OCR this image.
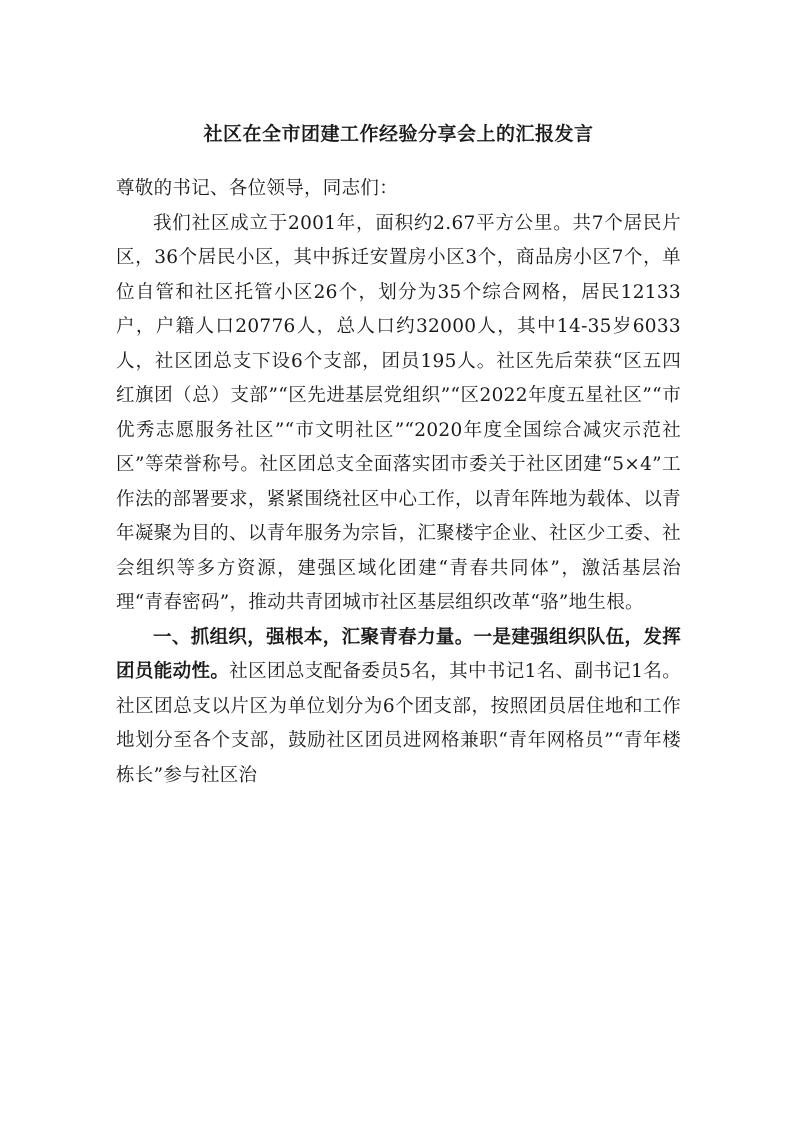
社区在全市团建工作经验分享会上的汇报发言

尊敬的书记、各位领导，同志们：

我们社区成立于2001年，面积约2.67平方公里。共7个居民片区，36个居民小区，其中拆迁安置房小区3个，商品房小区7个，单位自管和社区托管小区26个，划分为35个综合网格，居民12133户，户籍人口20776人，总人口约32000人，其中14-35岁6033人，社区团总支下设6个支部，团员195人。社区先后荣获“区五四红旗团（总）支部”“区先进基层党组织”“区2022年度五星社区”“市优秀志愿服务社区”“市文明社区”“2020年度全国综合减灾示范社区”等荣誉称号。社区团总支全面落实团市委关于社区团建“5×4”工作法的部署要求，紧紧围绕社区中心工作，以青年阵地为载体、以青年凝聚为目的、以青年服务为宗旨，汇聚楼宇企业、社区少工委、社会组织等多方资源，建强区域化团建“青春共同体”，激活基层治理“青春密码”，推动共青团城市社区基层组织改革“骆”地生根。

一、抓组织，强根本，汇聚青春力量。一是建强组织队伍，发挥团员能动性。社区团总支配备委员5名，其中书记1名、副书记1名。社区团总支以片区为单位划分为6个团支部，按照团员居住地和工作地划分至各个支部，鼓励社区团员进网格兼职“青年网格员”“青年楼栋长”参与社区治
